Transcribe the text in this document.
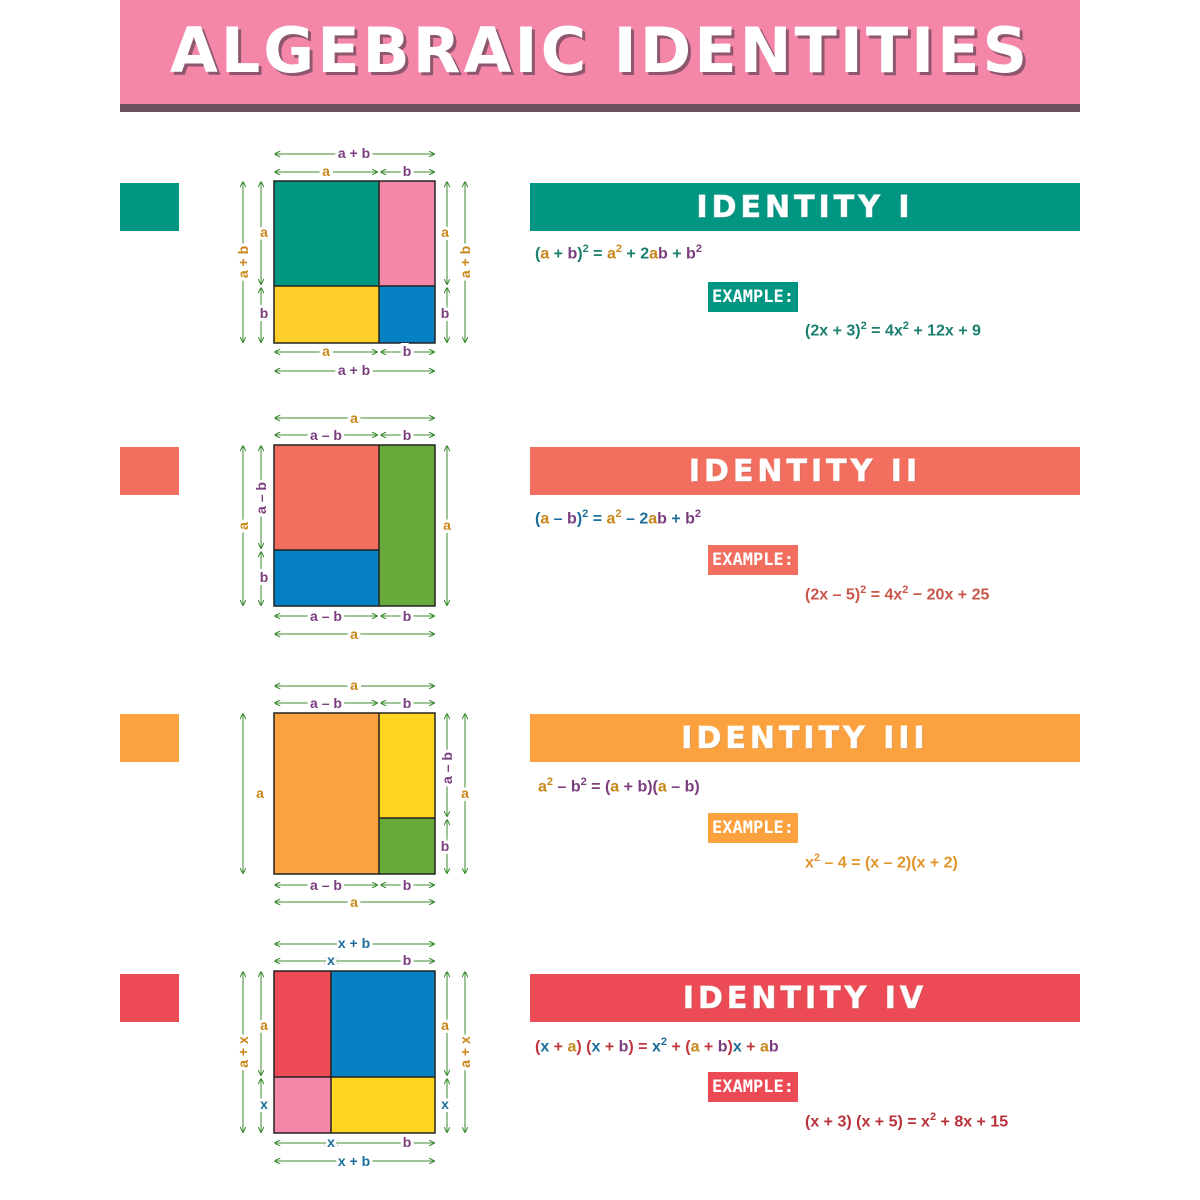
ALGEBRAIC IDENTITIES
a + b
a	b
a	b
a + b
a
b
a
b
a + b	a + b
IDENTITY I
$(a + b)^2 = a^2 + 2ab + b^2$
EXAMPLE:
$(2x + 3)^2 = 4x^2 + 12x + 9$
a
a – b	b
a – b	b
a
a
a – b
b
a
IDENTITY II
$(a - b)^2 = a^2 - 2ab + b^2$
EXAMPLE:
$(2x - 5)^2 = 4x^2 - 20x + 25$
a
a – b	b
a – b	b
a
a
a – b
b
a
IDENTITY III
$a^2 - b^2 = (a + b)(a - b)$
EXAMPLE:
$x^2 - 4 = (x - 2)(x + 2)$
x + b
x	b
x	b
x + b
a + x
a
x
a
x
a + x
IDENTITY IV
(x + a) $(x + b) = x^2 + (a + b)x$ + ab
EXAMPLE:
(x + 3) $(x + 5) = x^2 + 8x + 15$
